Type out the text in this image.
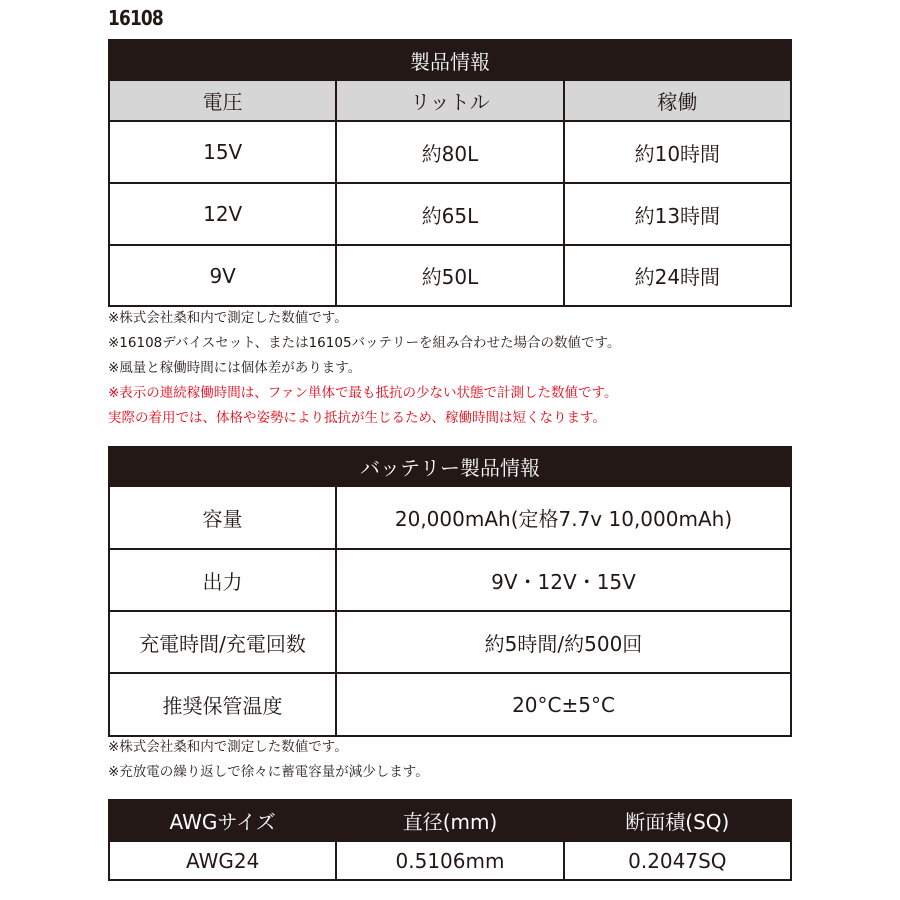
16108
製品情報		
電圧	リットル	稼働
15V	約80L	約10時間
12V	約65L	約13時間
9V	約50L	約24時間
※株式会社桑和内で測定した数値です。
※16108デバイスセット、または16105バッテリーを組み合わせた場合の数値です。
※風量と稼働時間には個体差があります。
※表示の連続稼働時間は、ファン単体で最も抵抗の少ない状態で計測した数値です。
実際の着用では、体格や姿勢により抵抗が生じるため、稼働時間は短くなります。
バッテリー製品情報	
容量	20,000mAh(定格7.7v 10,000mAh)
出力	9V・12V・15V
充電時間/充電回数	約5時間/約500回
推奨保管温度	20°C±5°C
※株式会社桑和内で測定した数値です。
※充放電の繰り返しで徐々に蓄電容量が減少します。
AWGサイズ	直径(mm)	断面積(SQ)
AWG24	0.5106mm	0.2047SQ
